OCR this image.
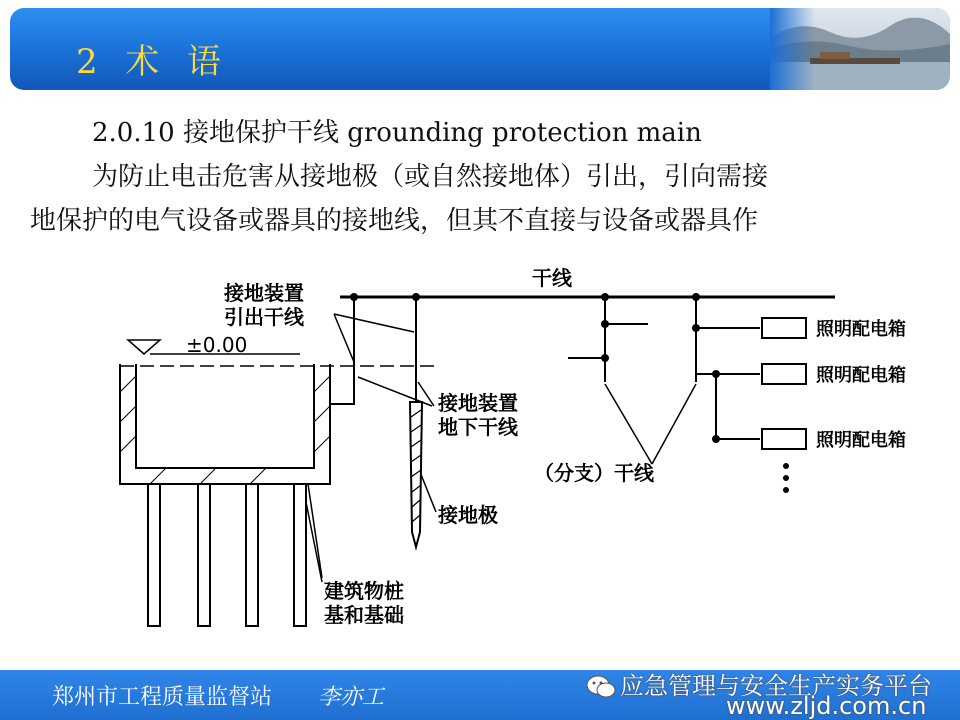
2  术  语
2.0.10 接地保护干线 grounding protection main
为防止电击危害从接地极（或自然接地体）引出，引向需接
地保护的电气设备或器具的接地线，但其不直接与设备或器具作
干线
接地装置
引出干线
±0.00
接地装置
地下干线
接地极
（分支）干线
建筑物桩
基和基础
照明配电箱
照明配电箱
照明配电箱
郑州市工程质量监督站 李亦工	应急管理与安全生产实务平台
www.zljd.com.cn
